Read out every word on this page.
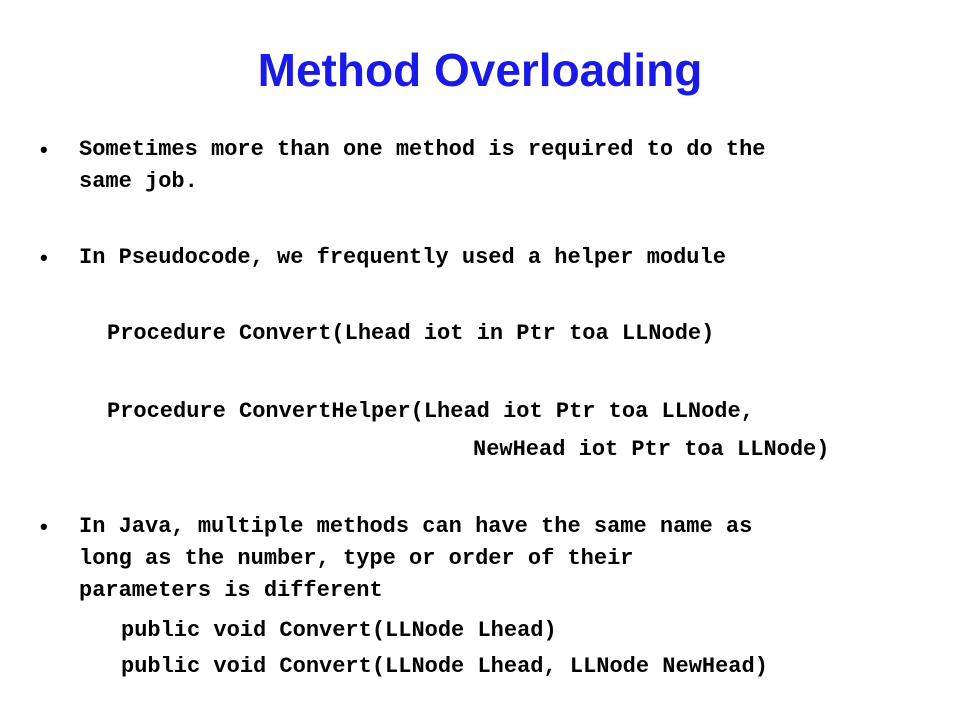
Method Overloading
• Sometimes more than one method is required to do the
same job.
• In Pseudocode, we frequently used a helper module
Procedure Convert(Lhead iot in Ptr toa LLNode)
Procedure ConvertHelper(Lhead iot Ptr toa LLNode,
NewHead iot Ptr toa LLNode)
• In Java, multiple methods can have the same name as
long as the number, type or order of their
parameters is different
public void Convert(LLNode Lhead)
public void Convert(LLNode Lhead, LLNode NewHead)
